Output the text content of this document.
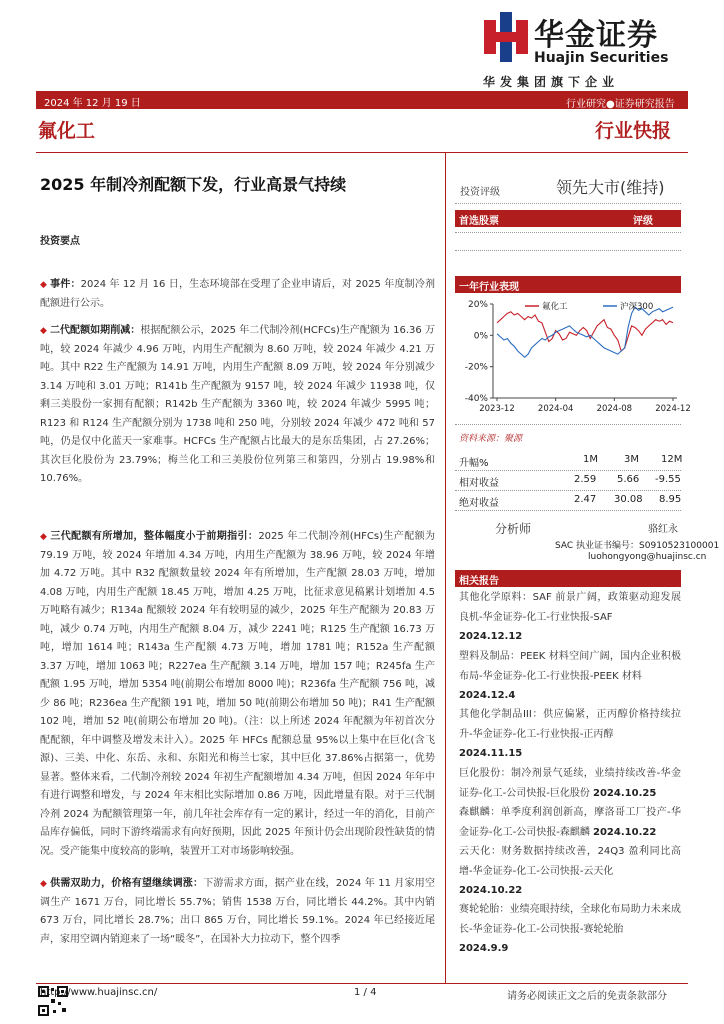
华金证券
Huajin Securities
华发集团旗下企业
2024 年 12 月 19 日	行业研究●证券研究报告
氟化工	行业快报
2025 年制冷剂配额下发，行业高景气持续
投资要点
◆ 事件：2024 年 12 月 16 日，生态环境部在受理了企业申请后，对 2025 年度制冷剂配额进行公示。
◆ 二代配额如期削减：根据配额公示，2025 年二代制冷剂(HCFCs)生产配额为 16.36 万吨，较 2024 年减少 4.96 万吨，内用生产配额为 8.60 万吨，较 2024 年减少 4.21 万吨。其中 R22 生产配额为 14.91 万吨，内用生产配额 8.09 万吨，较 2024 年分别减少 3.14 万吨和 3.01 万吨；R141b 生产配额为 9157 吨，较 2024 年减少 11938 吨，仅剩三美股份一家拥有配额；R142b 生产配额为 3360 吨，较 2024 年减少 5995 吨；R123 和 R124 生产配额分别为 1738 吨和 250 吨，分别较 2024 年减少 472 吨和 57 吨，仍是仅中化蓝天一家难事。HCFCs 生产配额占比最大的是东岳集团，占 27.26%；其次巨化股份为 23.79%；梅兰化工和三美股份位列第三和第四，分别占 19.98%和 10.76%。
◆ 三代配额有所增加，整体幅度小于前期指引：2025 年二代制冷剂(HFCs)生产配额为 79.19 万吨，较 2024 年增加 4.34 万吨，内用生产配额为 38.96 万吨，较 2024 年增加 4.72 万吨。其中 R32 配额数量较 2024 年有所增加，生产配额 28.03 万吨，增加 4.08 万吨，内用生产配额 18.45 万吨，增加 4.25 万吨，比征求意见稿累计划增加 4.5 万吨略有减少；R134a 配额较 2024 年有较明显的减少，2025 年生产配额为 20.83 万吨，减少 0.74 万吨，内用生产配额 8.04 万，减少 2241 吨；R125 生产配额 16.73 万吨，增加 1614 吨；R143a 生产配额 4.73 万吨，增加 1781 吨；R152a 生产配额 3.37 万吨，增加 1063 吨；R227ea 生产配额 3.14 万吨，增加 157 吨；R245fa 生产配额 1.95 万吨，增加 5354 吨(前期公布增加 8000 吨)；R236fa 生产配额 756 吨，减少 86 吨；R236ea 生产配额 191 吨，增加 50 吨(前期公布增加 50 吨)；R41 生产配额 102 吨，增加 52 吨(前期公布增加 20 吨)。（注：以上所述 2024 年配额为年初首次分配配额，年中调整及增发未计入）。2025 年 HFCs 配额总量 95%以上集中在巨化(含飞源)、三美、中化、东岳、永和、东阳光和梅兰七家，其中巨化 37.86%占据第一，优势显著。整体来看，二代制冷剂较 2024 年初生产配额增加 4.34 万吨，但因 2024 年年中有进行调整和增发，与 2024 年末相比实际增加 0.86 万吨，因此增量有限。对于三代制冷剂 2024 为配额管理第一年，前几年社会库存有一定的累计，经过一年的消化，目前产品库存偏低，同时下游终端需求有向好预期，因此 2025 年预计仍会出现阶段性缺货的情况。受产能集中度较高的影响，装置开工对市场影响较强。
◆ 供需双助力，价格有望继续调涨：下游需求方面，据产业在线，2024 年 11 月家用空调生产 1671 万台，同比增长 55.7%；销售 1538 万台，同比增长 44.2%。其中内销 673 万台，同比增长 28.7%；出口 865 万台，同比增长 59.1%。2024 年已经接近尾声，家用空调内销迎来了一场“暖冬”，在国补大力拉动下，整个四季
投资评级	领先大市(维持)
首选股票	评级
一年行业表现
20%
0%
-20%
-40%
2023-12	2024-04	2024-08	2024-12
氟化工	沪深300
资料来源：聚源
升幅%	1M	3M 12M
相对收益	2.59 5.66 -9.55
绝对收益	2.47 30.08 8.95
分析师	骆红永
SAC 执业证书编号：S0910523100001
luohongyong@huajinsc.cn
相关报告
其他化学原料：SAF 前景广阔，政策驱动迎发展良机-华金证券-化工-行业快报-SAF
2024.12.12
塑料及制品：PEEK 材料空间广阔，国内企业积极布局-华金证券-化工-行业快报-PEEK 材料
2024.12.4
其他化学制品III：供应偏紧，正丙醇价格持续拉升-华金证券-化工-行业快报-正丙醇
2024.11.15
巨化股份：制冷剂景气延续，业绩持续改善-华金证券-化工-公司快报-巨化股份 2024.10.25
森麒麟：单季度利润创新高，摩洛哥工厂投产-华金证券-化工-公司快报-森麒麟 2024.10.22
云天化：财务数据持续改善，24Q3 盈利同比高增-华金证券-化工-公司快报-云天化
2024.10.22
赛轮轮胎：业绩亮眼持续，全球化布局助力未来成长-华金证券-化工-公司快报-赛轮轮胎
2024.9.9
http://www.huajinsc.cn/	1 / 4	请务必阅读正文之后的免责条款部分
